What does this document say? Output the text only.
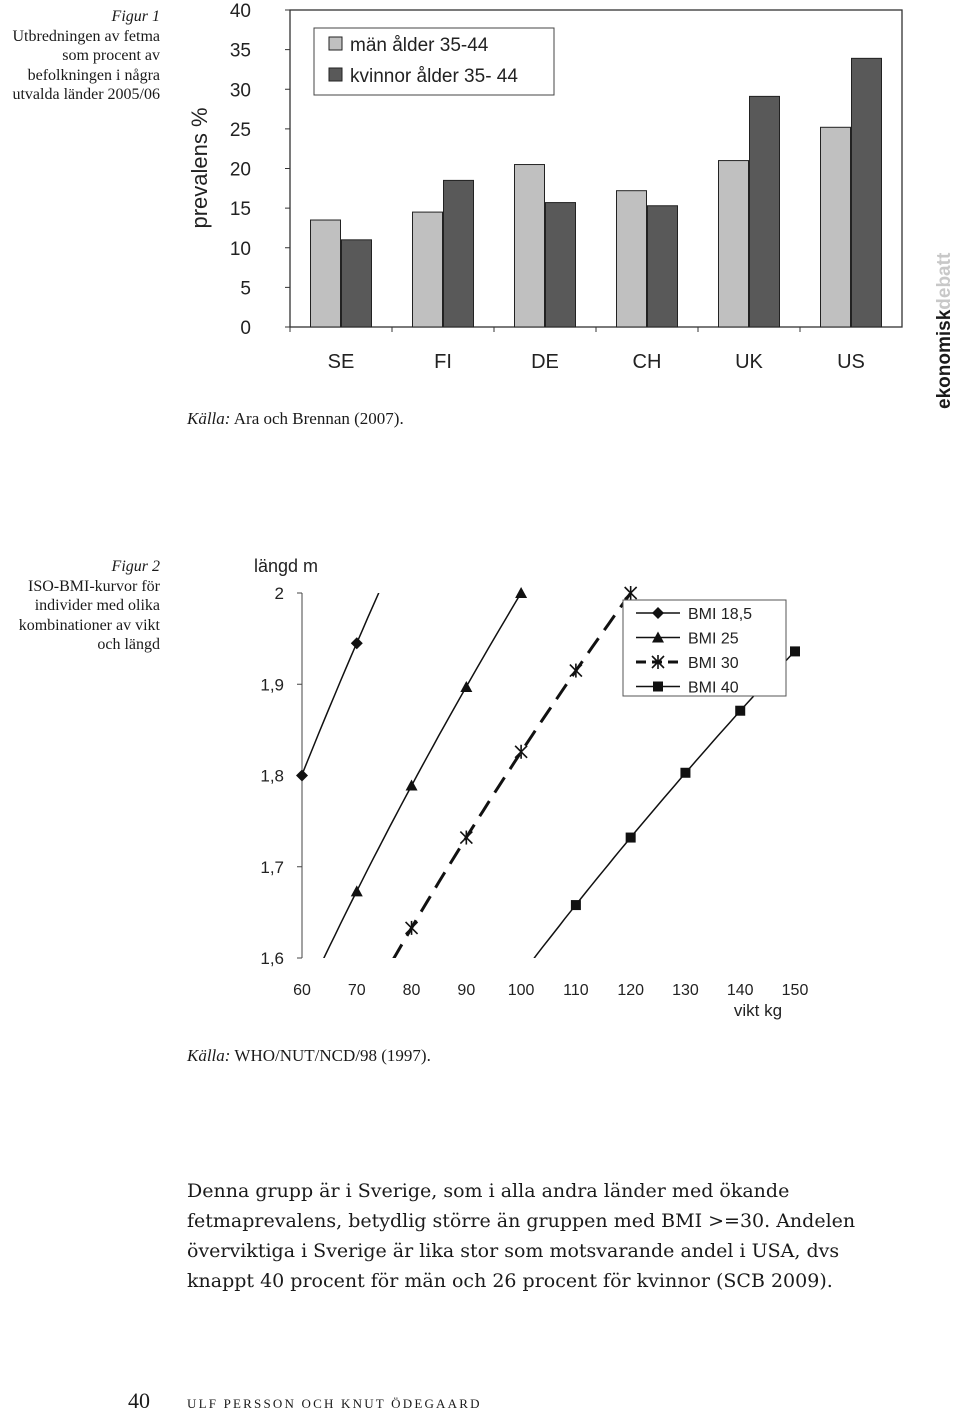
Figur 1
Utbredningen av fetma som procent av befolkningen i några utvalda länder 2005/06
0
5
10
15
20
25
30
35
40
prevalens %
SE	FI	DE	CH	UK	US
män ålder 35-44
kvinnor ålder 35- 44
Källa: Ara och Brennan (2007).
ekonomiskdebatt
Figur 2
ISO-BMI-kurvor för individer med olika kombinationer av vikt och längd
1,6
1,7
1,8
1,9
2
längd m
60 70 80 90 100 110 120 130 140 150
vikt kg
BMI 18,5
BMI 25
BMI 30
BMI 40
Källa: WHO/NUT/NCD/98 (1997).

Denna grupp är i Sverige, som i alla andra länder med ökande fetmaprevalens, betydlig större än gruppen med BMI >=30. Andelen överviktiga i Sverige är lika stor som motsvarande andel i USA, dvs knappt 40 procent för män och 26 procent för kvinnor (SCB 2009).

40	ULF PERSSON OCH KNUT ÖDEGAARD
